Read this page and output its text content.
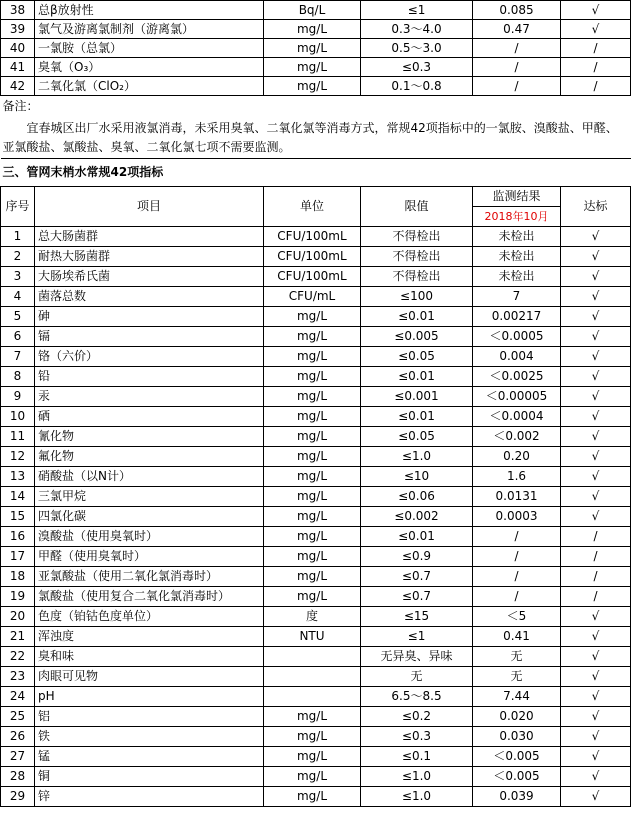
38	总β放射性	Bq/L	≤1	0.085	√
39	氯气及游离氯制剂（游离氯）	mg/L	0.3～4.0	0.47	√
40	一氯胺（总氯）	mg/L	0.5～3.0	/	/
41	臭氧（O₃）	mg/L	≤0.3	/	/
42	二氧化氯（ClO₂）	mg/L	0.1～0.8	/	/
备注：					
宜春城区出厂水采用液氯消毒，未采用臭氧、二氧化氯等消毒方式，常规42项指标中的一氯胺、溴酸盐、甲醛、亚氯酸盐、氯酸盐、臭氧、二氧化氯七项不需要监测。					
三、管网末梢水常规42项指标					
序号	项目	单位	限值	监测结果	达标
				2018年10月	
1	总大肠菌群	CFU/100mL	不得检出	未检出	√
2	耐热大肠菌群	CFU/100mL	不得检出	未检出	√
3	大肠埃希氏菌	CFU/100mL	不得检出	未检出	√
4	菌落总数	CFU/mL	≤100	7	√
5	砷	mg/L	≤0.01	0.00217	√
6	镉	mg/L	≤0.005	＜0.0005	√
7	铬（六价）	mg/L	≤0.05	0.004	√
8	铅	mg/L	≤0.01	＜0.0025	√
9	汞	mg/L	≤0.001	＜0.00005	√
10	硒	mg/L	≤0.01	＜0.0004	√
11	氰化物	mg/L	≤0.05	＜0.002	√
12	氟化物	mg/L	≤1.0	0.20	√
13	硝酸盐（以N计）	mg/L	≤10	1.6	√
14	三氯甲烷	mg/L	≤0.06	0.0131	√
15	四氯化碳	mg/L	≤0.002	0.0003	√
16	溴酸盐（使用臭氧时）	mg/L	≤0.01	/	/
17	甲醛（使用臭氧时）	mg/L	≤0.9	/	/
18	亚氯酸盐（使用二氧化氯消毒时）	mg/L	≤0.7	/	/
19	氯酸盐（使用复合二氧化氯消毒时）	mg/L	≤0.7	/	/
20	色度（铂钴色度单位）	度	≤15	＜5	√
21	浑浊度	NTU	≤1	0.41	√
22	臭和味		无异臭、异味	无	√
23	肉眼可见物		无	无	√
24	pH		6.5～8.5	7.44	√
25	铝	mg/L	≤0.2	0.020	√
26	铁	mg/L	≤0.3	0.030	√
27	锰	mg/L	≤0.1	＜0.005	√
28	铜	mg/L	≤1.0	＜0.005	√
29	锌	mg/L	≤1.0	0.039	√
